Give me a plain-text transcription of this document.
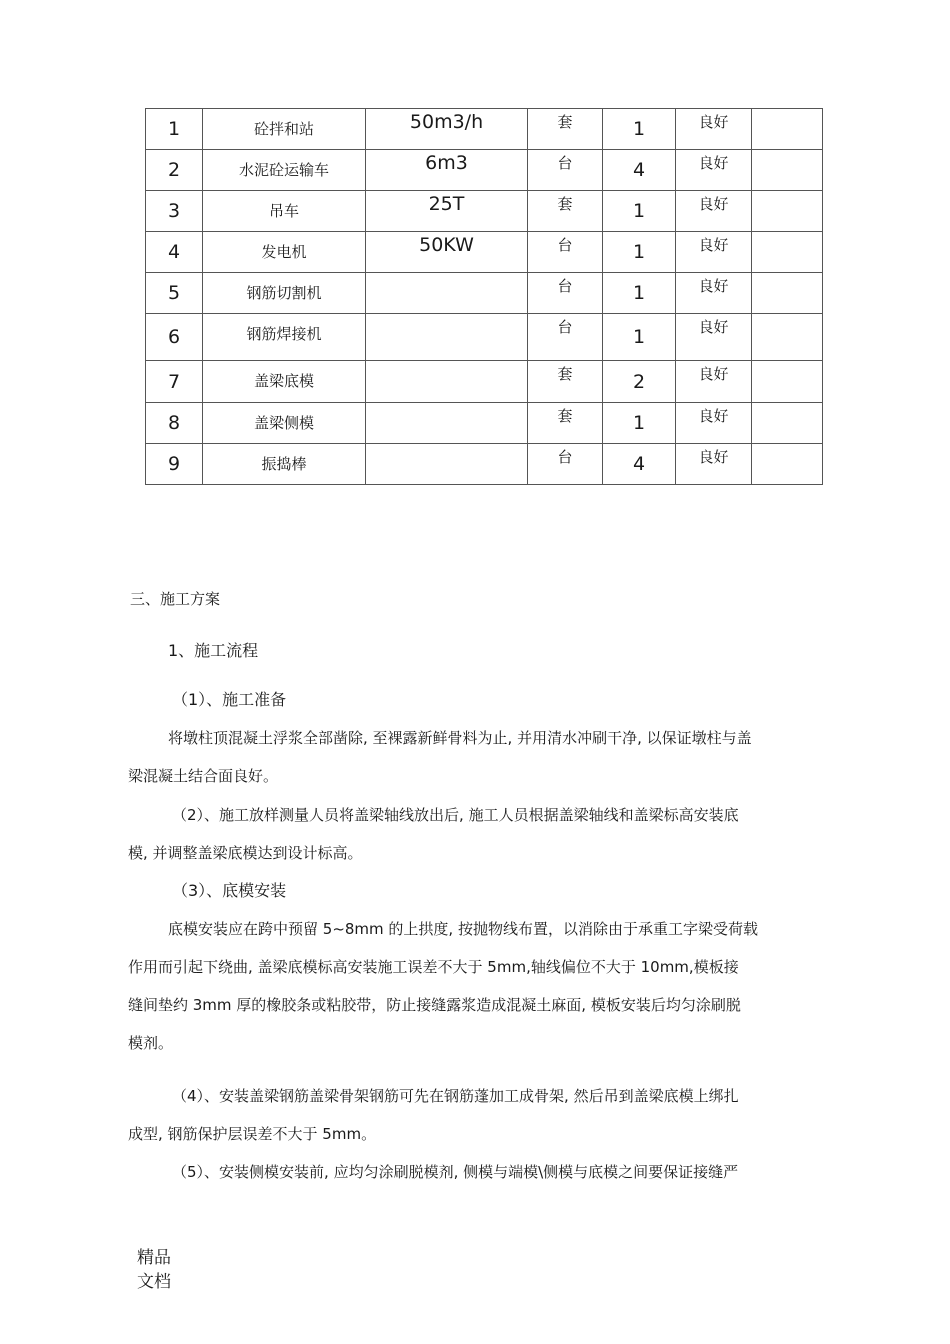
1	砼拌和站	50m3/h	套	1	良好	
2	水泥砼运输车	6m3	台	4	良好	
3	吊车	25T	套	1	良好	
4	发电机	50KW	台	1	良好	
5	钢筋切割机		台	1	良好	
6	钢筋焊接机		台	1	良好	
7	盖梁底模		套	2	良好	
8	盖梁侧模		套	1	良好	
9	振捣棒		台	4	良好	
三、施工方案
1、施工流程
（1）、施工准备
将墩柱顶混凝土浮浆全部凿除, 至裸露新鲜骨料为止, 并用清水冲刷干净, 以保证墩柱与盖
梁混凝土结合面良好。
（2）、施工放样测量人员将盖梁轴线放出后, 施工人员根据盖梁轴线和盖梁标高安装底
模, 并调整盖梁底模达到设计标高。
（3）、底模安装
底模安装应在跨中预留 5~8mm 的上拱度, 按抛物线布置，以消除由于承重工字梁受荷载
作用而引起下绕曲, 盖梁底模标高安装施工误差不大于 5mm,轴线偏位不大于 10mm,模板接
缝间垫约 3mm 厚的橡胶条或粘胶带，防止接缝露浆造成混凝土麻面, 模板安装后均匀涂刷脱
模剂。
（4）、安装盖梁钢筋盖梁骨架钢筋可先在钢筋蓬加工成骨架, 然后吊到盖梁底模上绑扎
成型, 钢筋保护层误差不大于 5mm。
（5）、安装侧模安装前, 应均匀涂刷脱模剂, 侧模与端模\侧模与底模之间要保证接缝严
精品
文档
